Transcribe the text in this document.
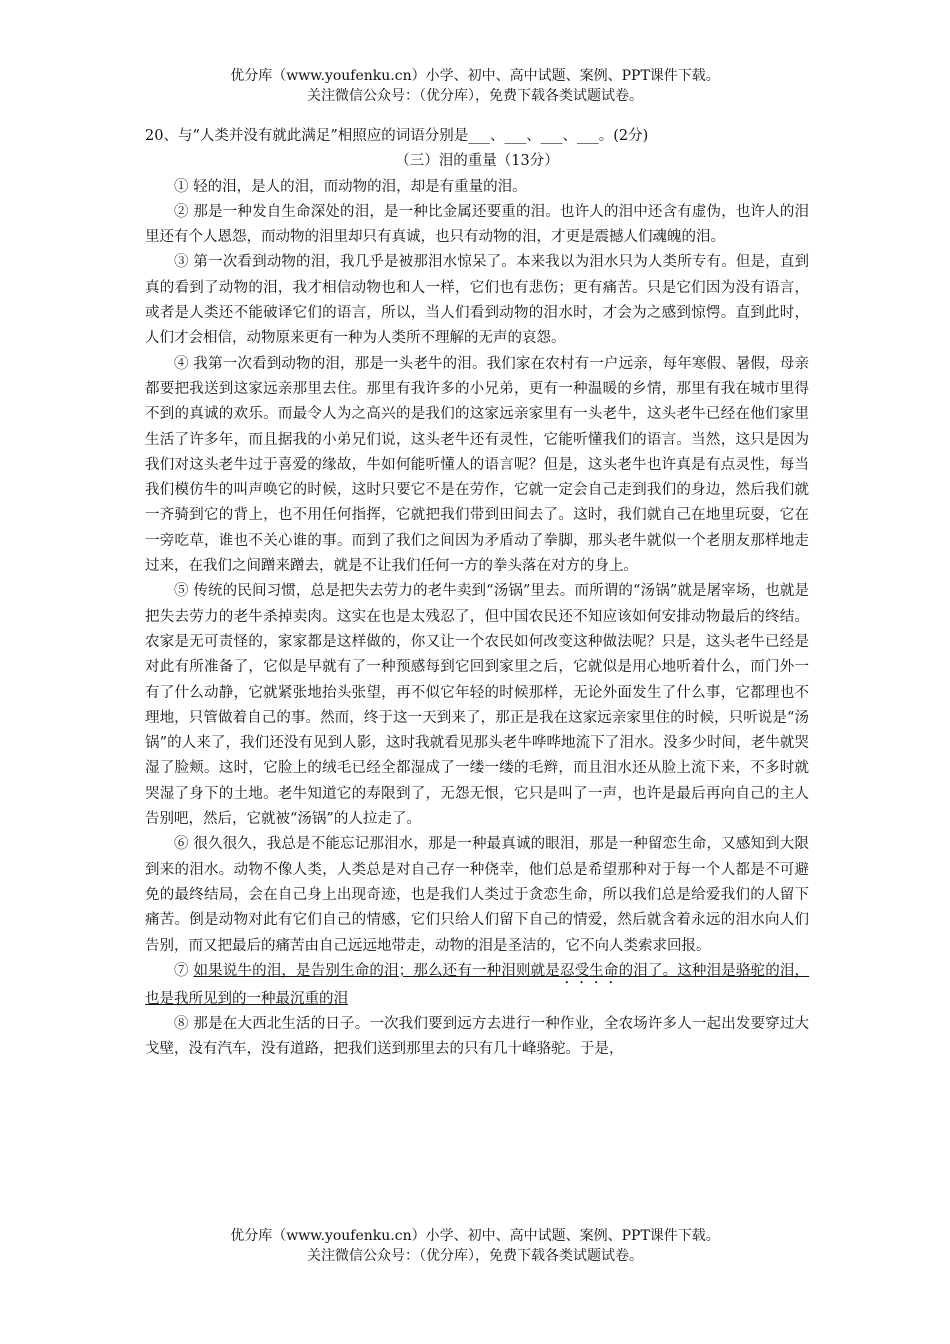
优分库（www.youfenku.cn）小学、初中、高中试题、案例、PPT课件下载。
关注微信公众号：（优分库），免费下载各类试题试卷。

20、与“人类并没有就此满足”相照应的词语分别是___、___、___、___。(2分)

（三）泪的重量（13分）

① 轻的泪，是人的泪，而动物的泪，却是有重量的泪。

② 那是一种发自生命深处的泪，是一种比金属还要重的泪。也许人的泪中还含有虚伪，也许人的泪里还有个人恩怨，而动物的泪里却只有真诚，也只有动物的泪，才更是震撼人们魂魄的泪。

③ 第一次看到动物的泪，我几乎是被那泪水惊呆了。本来我以为泪水只为人类所专有。但是，直到真的看到了动物的泪，我才相信动物也和人一样，它们也有悲伤；更有痛苦。只是它们因为没有语言，或者是人类还不能破译它们的语言，所以，当人们看到动物的泪水时，才会为之感到惊愕。直到此时，人们才会相信，动物原来更有一种为人类所不理解的无声的哀怨。

④ 我第一次看到动物的泪，那是一头老牛的泪。我们家在农村有一户远亲，每年寒假、暑假，母亲都要把我送到这家远亲那里去住。那里有我许多的小兄弟，更有一种温暖的乡情，那里有我在城市里得不到的真诚的欢乐。而最令人为之高兴的是我们的这家远亲家里有一头老牛，这头老牛已经在他们家里生活了许多年，而且据我的小弟兄们说，这头老牛还有灵性，它能听懂我们的语言。当然，这只是因为我们对这头老牛过于喜爱的缘故，牛如何能听懂人的语言呢？但是，这头老牛也许真是有点灵性，每当我们模仿牛的叫声唤它的时候，这时只要它不是在劳作，它就一定会自己走到我们的身边，然后我们就一齐骑到它的背上，也不用任何指挥，它就把我们带到田间去了。这时，我们就自己在地里玩耍，它在一旁吃草，谁也不关心谁的事。而到了我们之间因为矛盾动了拳脚，那头老牛就似一个老朋友那样地走过来，在我们之间蹭来蹭去，就是不让我们任何一方的拳头落在对方的身上。

⑤ 传统的民间习惯，总是把失去劳力的老牛卖到“汤锅”里去。而所谓的“汤锅”就是屠宰场，也就是把失去劳力的老牛杀掉卖肉。这实在也是太残忍了，但中国农民还不知应该如何安排动物最后的终结。农家是无可责怪的，家家都是这样做的，你又让一个农民如何改变这种做法呢？只是，这头老牛已经是对此有所准备了，它似是早就有了一种预感每到它回到家里之后，它就似是用心地听着什么，而门外一有了什么动静，它就紧张地抬头张望，再不似它年轻的时候那样，无论外面发生了什么事，它都理也不理地，只管做着自己的事。然而，终于这一天到来了，那正是我在这家远亲家里住的时候，只听说是“汤锅”的人来了，我们还没有见到人影，这时我就看见那头老牛哗哗地流下了泪水。没多少时间，老牛就哭湿了脸颊。这时，它脸上的绒毛已经全都湿成了一缕一缕的毛辫，而且泪水还从脸上流下来，不多时就哭湿了身下的土地。老牛知道它的寿限到了，无怨无恨，它只是叫了一声，也许是最后再向自己的主人告别吧，然后，它就被“汤锅”的人拉走了。

⑥ 很久很久，我总是不能忘记那泪水，那是一种最真诚的眼泪，那是一种留恋生命，又感知到大限到来的泪水。动物不像人类，人类总是对自己存一种侥幸，他们总是希望那种对于每一个人都是不可避免的最终结局，会在自己身上出现奇迹，也是我们人类过于贪恋生命，所以我们总是给爱我们的人留下痛苦。倒是动物对此有它们自己的情感，它们只给人们留下自己的情爱，然后就含着永远的泪水向人们告别，而又把最后的痛苦由自己远远地带走，动物的泪是圣洁的，它不向人类索求回报。

⑦ 如果说牛的泪，是告别生命的泪；那么还有一种泪则就是忍受生命的泪了。这种泪是骆驼的泪，也是我所见到的一种最沉重的泪

⑧ 那是在大西北生活的日子。一次我们要到远方去进行一种作业，全农场许多人一起出发要穿过大戈壁，没有汽车，没有道路，把我们送到那里去的只有几十峰骆驼。于是，

优分库（www.youfenku.cn）小学、初中、高中试题、案例、PPT课件下载。
关注微信公众号：（优分库），免费下载各类试题试卷。
